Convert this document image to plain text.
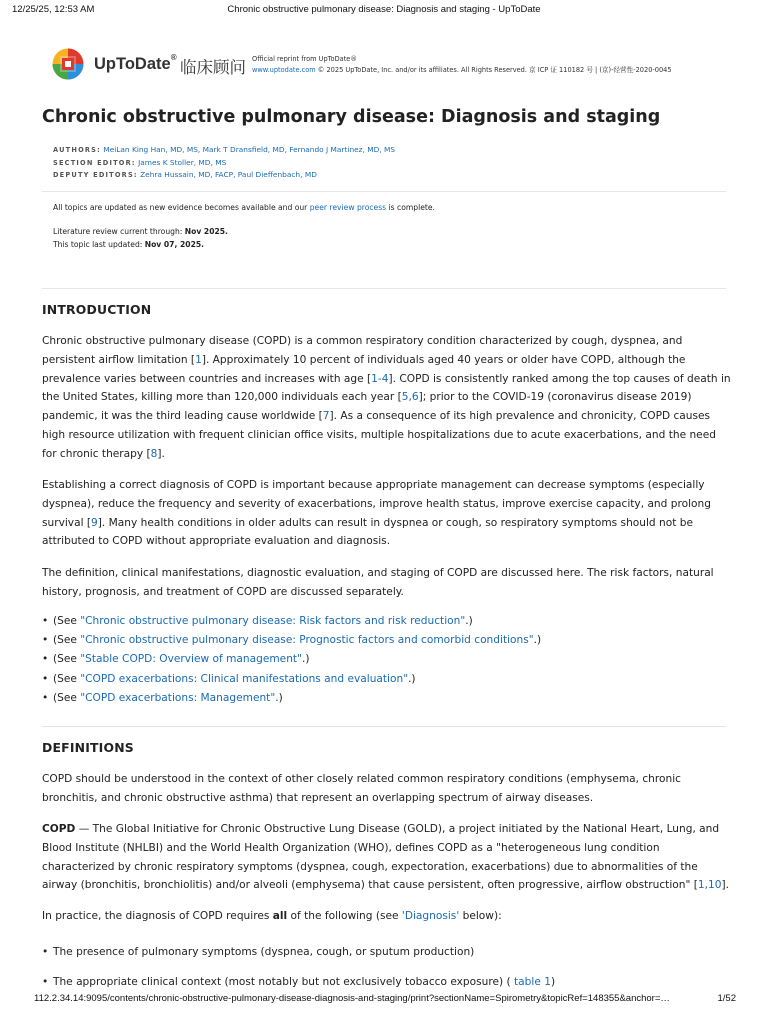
12/25/25, 12:53 AM	Chronic obstructive pulmonary disease: Diagnosis and staging - UpToDate
UpToDate®
临床顾问 Official reprint from UpToDate®
www.uptodate.com © 2025 UpToDate, Inc. and/or its affiliates. All Rights Reserved. 京 ICP 证 110182 号 | (京)-经营性-2020-0045
Chronic obstructive pulmonary disease: Diagnosis and staging
AUTHORS: MeiLan King Han, MD, MS, Mark T Dransfield, MD, Fernando J Martinez, MD, MS
SECTION EDITOR: James K Stoller, MD, MS
DEPUTY EDITORS: Zehra Hussain, MD, FACP, Paul Dieffenbach, MD
All topics are updated as new evidence becomes available and our peer review process is complete.
Literature review current through: Nov 2025.
This topic last updated: Nov 07, 2025.
INTRODUCTION

Chronic obstructive pulmonary disease (COPD) is a common respiratory condition characterized by cough, dyspnea, and persistent airflow limitation [1]. Approximately 10 percent of individuals aged 40 years or older have COPD, although the prevalence varies between countries and increases with age [1-4]. COPD is consistently ranked among the top causes of death in the United States, killing more than 120,000 individuals each year [5,6]; prior to the COVID-19 (coronavirus disease 2019) pandemic, it was the third leading cause worldwide [7]. As a consequence of its high prevalence and chronicity, COPD causes high resource utilization with frequent clinician office visits, multiple hospitalizations due to acute exacerbations, and the need for chronic therapy [8].

Establishing a correct diagnosis of COPD is important because appropriate management can decrease symptoms (especially dyspnea), reduce the frequency and severity of exacerbations, improve health status, improve exercise capacity, and prolong survival [9]. Many health conditions in older adults can result in dyspnea or cough, so respiratory symptoms should not be attributed to COPD without appropriate evaluation and diagnosis.

The definition, clinical manifestations, diagnostic evaluation, and staging of COPD are discussed here. The risk factors, natural history, prognosis, and treatment of COPD are discussed separately.

• (See "Chronic obstructive pulmonary disease: Risk factors and risk reduction".)
• (See "Chronic obstructive pulmonary disease: Prognostic factors and comorbid conditions".)
• (See "Stable COPD: Overview of management".)
• (See "COPD exacerbations: Clinical manifestations and evaluation".)
• (See "COPD exacerbations: Management".)
DEFINITIONS

COPD should be understood in the context of other closely related common respiratory conditions (emphysema, chronic bronchitis, and chronic obstructive asthma) that represent an overlapping spectrum of airway diseases.

COPD — The Global Initiative for Chronic Obstructive Lung Disease (GOLD), a project initiated by the National Heart, Lung, and Blood Institute (NHLBI) and the World Health Organization (WHO), defines COPD as a "heterogeneous lung condition characterized by chronic respiratory symptoms (dyspnea, cough, expectoration, exacerbations) due to abnormalities of the airway (bronchitis, bronchiolitis) and/or alveoli (emphysema) that cause persistent, often progressive, airflow obstruction" [1,10].

In practice, the diagnosis of COPD requires all of the following (see 'Diagnosis' below):

• The presence of pulmonary symptoms (dyspnea, cough, or sputum production)
• The appropriate clinical context (most notably but not exclusively tobacco exposure) ( table 1)
112.2.34.14:9095/contents/chronic-obstructive-pulmonary-disease-diagnosis-and-staging/print?sectionName=Spirometry&topicRef=148355&anchor=…	1/52
